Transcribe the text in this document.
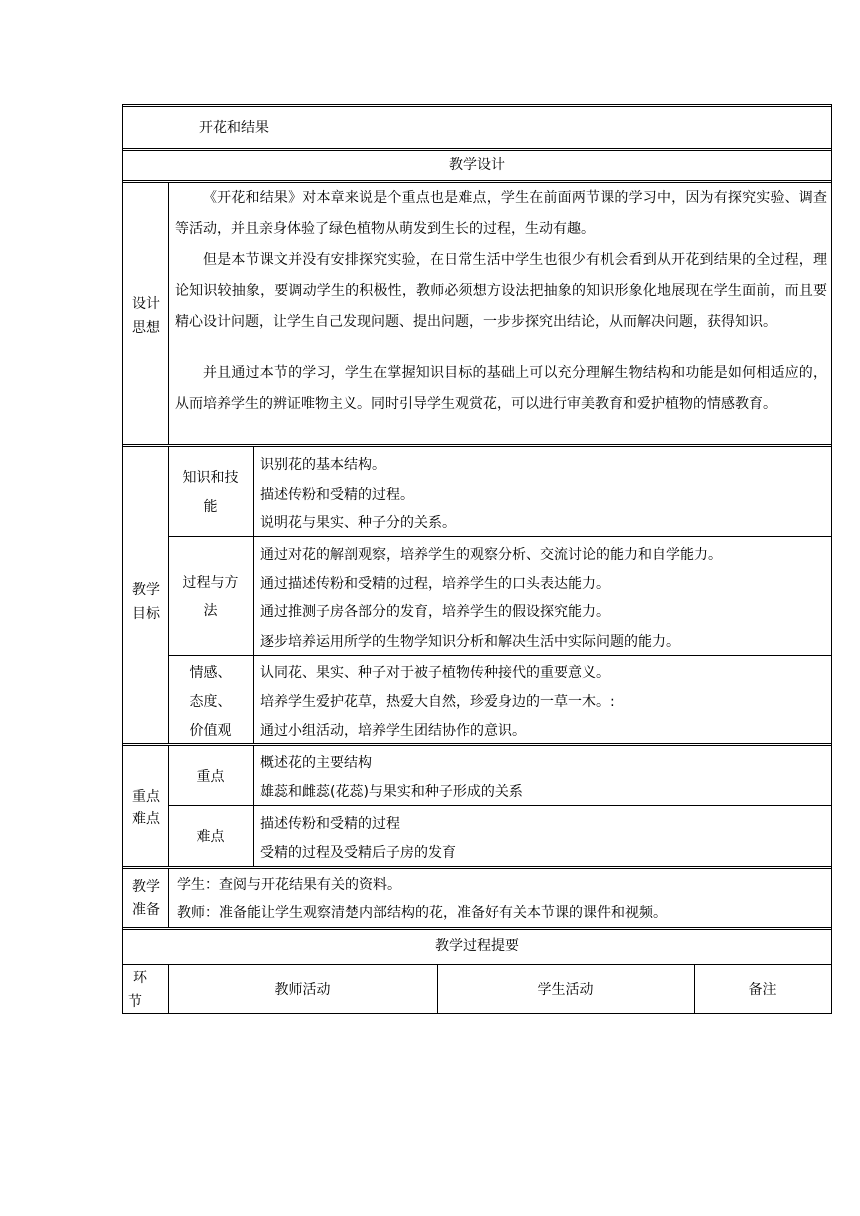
开花和结果
教学设计
设计
思想
《开花和结果》对本章来说是个重点也是难点，学生在前面两节课的学习中，因为有探究实验、调查等活动，并且亲身体验了绿色植物从萌发到生长的过程，生动有趣。
但是本节课文并没有安排探究实验，在日常生活中学生也很少有机会看到从开花到结果的全过程，理论知识较抽象，要调动学生的积极性，教师必须想方设法把抽象的知识形象化地展现在学生面前，而且要精心设计问题，让学生自己发现问题、提出问题，一步步探究出结论，从而解决问题，获得知识。
并且通过本节的学习，学生在掌握知识目标的基础上可以充分理解生物结构和功能是如何相适应的，从而培养学生的辨证唯物主义。同时引导学生观赏花，可以进行审美教育和爱护植物的情感教育。
教学
目标
知识和技
能
识别花的基本结构。
描述传粉和受精的过程。
说明花与果实、种子分的关系。
过程与方
法
通过对花的解剖观察，培养学生的观察分析、交流讨论的能力和自学能力。
通过描述传粉和受精的过程，培养学生的口头表达能力。
通过推测子房各部分的发育，培养学生的假设探究能力。
逐步培养运用所学的生物学知识分析和解决生活中实际问题的能力。
情感、
态度、
价值观
认同花、果实、种子对于被子植物传种接代的重要意义。
培养学生爱护花草，热爱大自然，珍爱身边的一草一木。:
通过小组活动，培养学生团结协作的意识。
重点
难点
重点
概述花的主要结构
雄蕊和雌蕊(花蕊)与果实和种子形成的关系
难点
描述传粉和受精的过程
受精的过程及受精后子房的发育
教学
准备
学生：查阅与开花结果有关的资料。
教师：准备能让学生观察清楚内部结构的花，准备好有关本节课的课件和视频。
教学过程提要
环
节
教师活动	学生活动	备注
